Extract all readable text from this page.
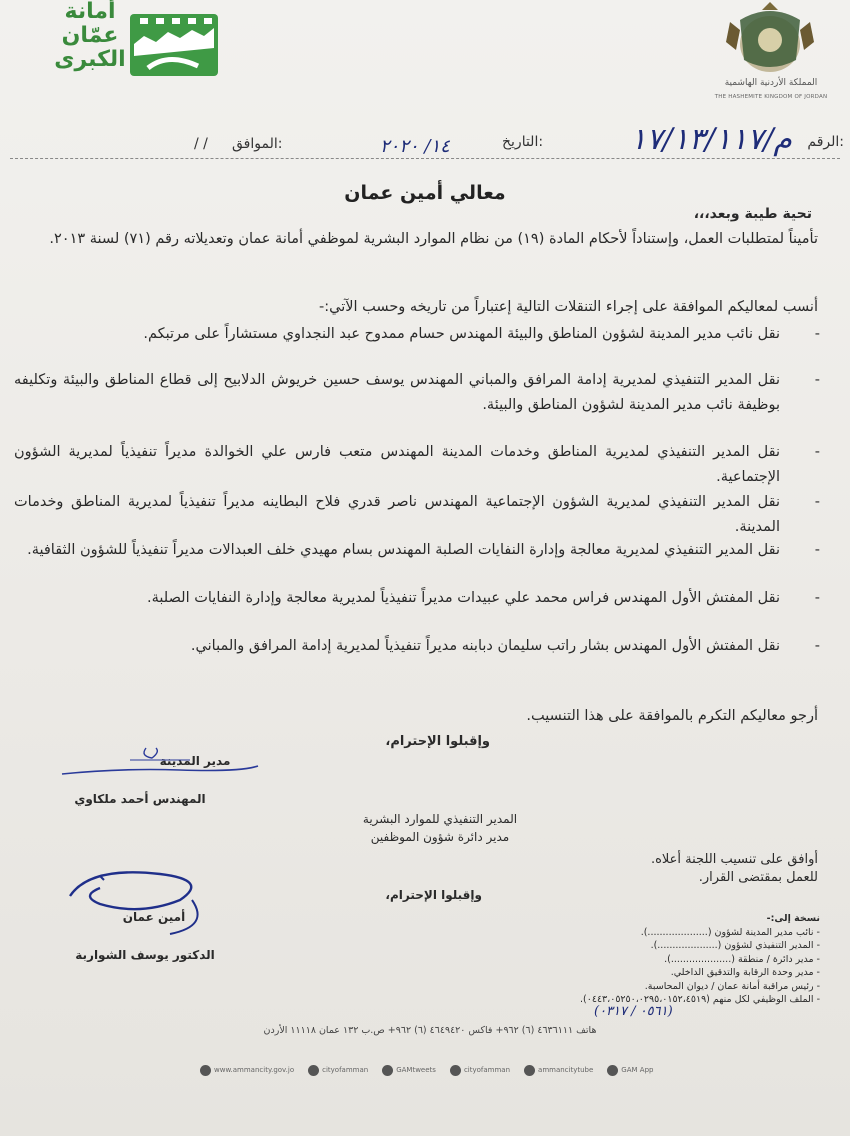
أمانة
عمّان
الكبرى
المملكة الأردنية الهاشمية
THE HASHEMITE KINGDOM OF JORDAN
الرقم:
م/١٧/١٣/١١٧
التاريخ:
١٤/ ٢٠٢٠
الموافق:
/ /
معالي أمين عمان
تحية طيبة وبعد،،،
تأميناً لمتطلبات العمل، وإستناداً لأحكام المادة (١٩) من نظام الموارد البشرية لموظفي أمانة عمان وتعديلاته رقم (٧١) لسنة ٢٠١٣.
أنسب لمعاليكم الموافقة على إجراء التنقلات التالية إعتباراً من تاريخه وحسب الآتي:-
-
نقل نائب مدير المدينة لشؤون المناطق والبيئة المهندس حسام ممدوح عبد النجداوي مستشاراً على مرتبكم.
-
نقل المدير التنفيذي لمديرية إدامة المرافق والمباني المهندس يوسف حسين خريوش الدلابيح إلى قطاع المناطق والبيئة وتكليفه بوظيفة نائب مدير المدينة لشؤون المناطق والبيئة.
-
نقل المدير التنفيذي لمديرية المناطق وخدمات المدينة المهندس متعب فارس علي الخوالدة مديراً تنفيذياً لمديرية الشؤون الإجتماعية.
-
نقل المدير التنفيذي لمديرية الشؤون الإجتماعية المهندس ناصر قدري فلاح البطاينه مديراً تنفيذياً لمديرية المناطق وخدمات المدينة.
-
نقل المدير التنفيذي لمديرية معالجة وإدارة النفايات الصلبة المهندس بسام مهيدي خلف العبدالات مديراً تنفيذياً للشؤون الثقافية.
-
نقل المفتش الأول المهندس فراس محمد علي عبيدات مديراً تنفيذياً لمديرية معالجة وإدارة النفايات الصلبة.
-
نقل المفتش الأول المهندس بشار راتب سليمان دبابنه مديراً تنفيذياً لمديرية إدامة المرافق والمباني.
أرجو معاليكم التكرم بالموافقة على هذا التنسيب.
وإقبلوا الإحترام،
مدير المدينة
المهندس أحمد ملكاوي
المدير التنفيذي للموارد البشرية
مدير دائرة شؤون الموظفين
أوافق على تنسيب اللجنة أعلاه.
للعمل بمقتضى القرار.
وإقبلوا الإحترام،
أمين عمان
الدكتور يوسف الشواربة
نسخة إلى:-
- نائب مدير المدينة لشؤون (....................).
- المدير التنفيذي لشؤون (....................).
- مدير دائرة / منطقة (....................).
- مدير وحدة الرقابة والتدقيق الداخلي.
- رئيس مراقبة أمانة عمان / ديوان المحاسبة.
- الملف الوظيفي لكل منهم (٠٤٤٣،٠٥٢٥٠،٠٢٩٥،٠١٥٢،٤٥١٩).
(٠٥٦١ / ٠٣١٧)
هاتف ٤٦٣٦١١١ (٦) ٩٦٢+ فاكس ٤٦٤٩٤٢٠ (٦) ٩٦٢+ ص.ب ١٣٢ عمان ١١١١٨ الأردن
www.ammancity.gov.jo	cityofamman	GAMtweets	cityofamman	ammancitytube	GAM App
